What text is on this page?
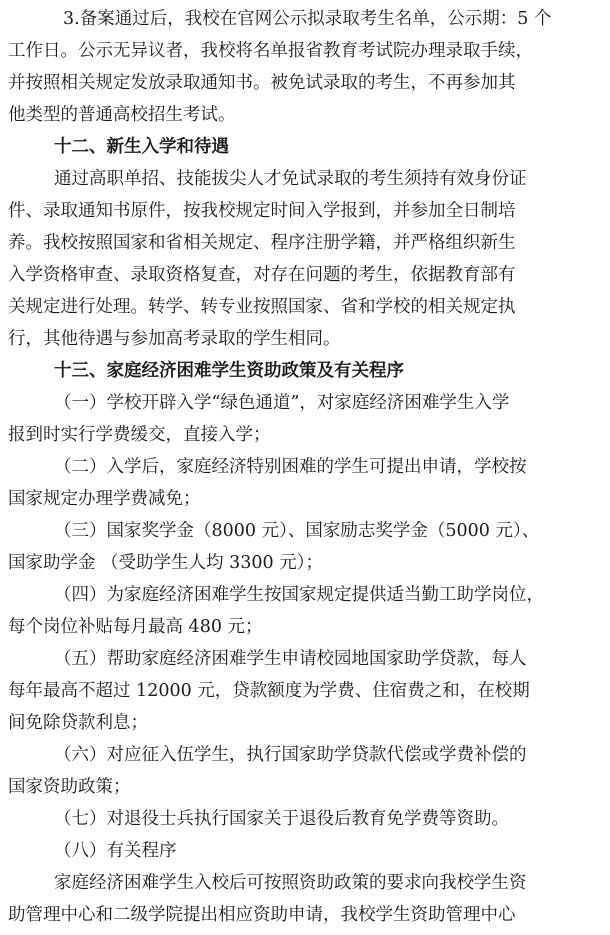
3.备案通过后，我校在官网公示拟录取考生名单，公示期：5 个
工作日。公示无异议者，我校将名单报省教育考试院办理录取手续，
并按照相关规定发放录取通知书。被免试录取的考生，不再参加其
他类型的普通高校招生考试。
十二、新生入学和待遇
通过高职单招、技能拔尖人才免试录取的考生须持有效身份证
件、录取通知书原件，按我校规定时间入学报到，并参加全日制培
养。我校按照国家和省相关规定、程序注册学籍，并严格组织新生
入学资格审查、录取资格复查，对存在问题的考生，依据教育部有
关规定进行处理。转学、转专业按照国家、省和学校的相关规定执
行，其他待遇与参加高考录取的学生相同。
十三、家庭经济困难学生资助政策及有关程序
（一）学校开辟入学“绿色通道”，对家庭经济困难学生入学
报到时实行学费缓交，直接入学；
（二）入学后，家庭经济特别困难的学生可提出申请，学校按
国家规定办理学费减免；
（三）国家奖学金（8000 元）、国家励志奖学金（5000 元）、
国家助学金 （受助学生人均 3300 元）；
（四）为家庭经济困难学生按国家规定提供适当勤工助学岗位，
每个岗位补贴每月最高 480 元；
（五）帮助家庭经济困难学生申请校园地国家助学贷款，每人
每年最高不超过 12000 元，贷款额度为学费、住宿费之和，在校期
间免除贷款利息；
（六）对应征入伍学生，执行国家助学贷款代偿或学费补偿的
国家资助政策；
（七）对退役士兵执行国家关于退役后教育免学费等资助。
（八）有关程序
家庭经济困难学生入校后可按照资助政策的要求向我校学生资
助管理中心和二级学院提出相应资助申请，我校学生资助管理中心
